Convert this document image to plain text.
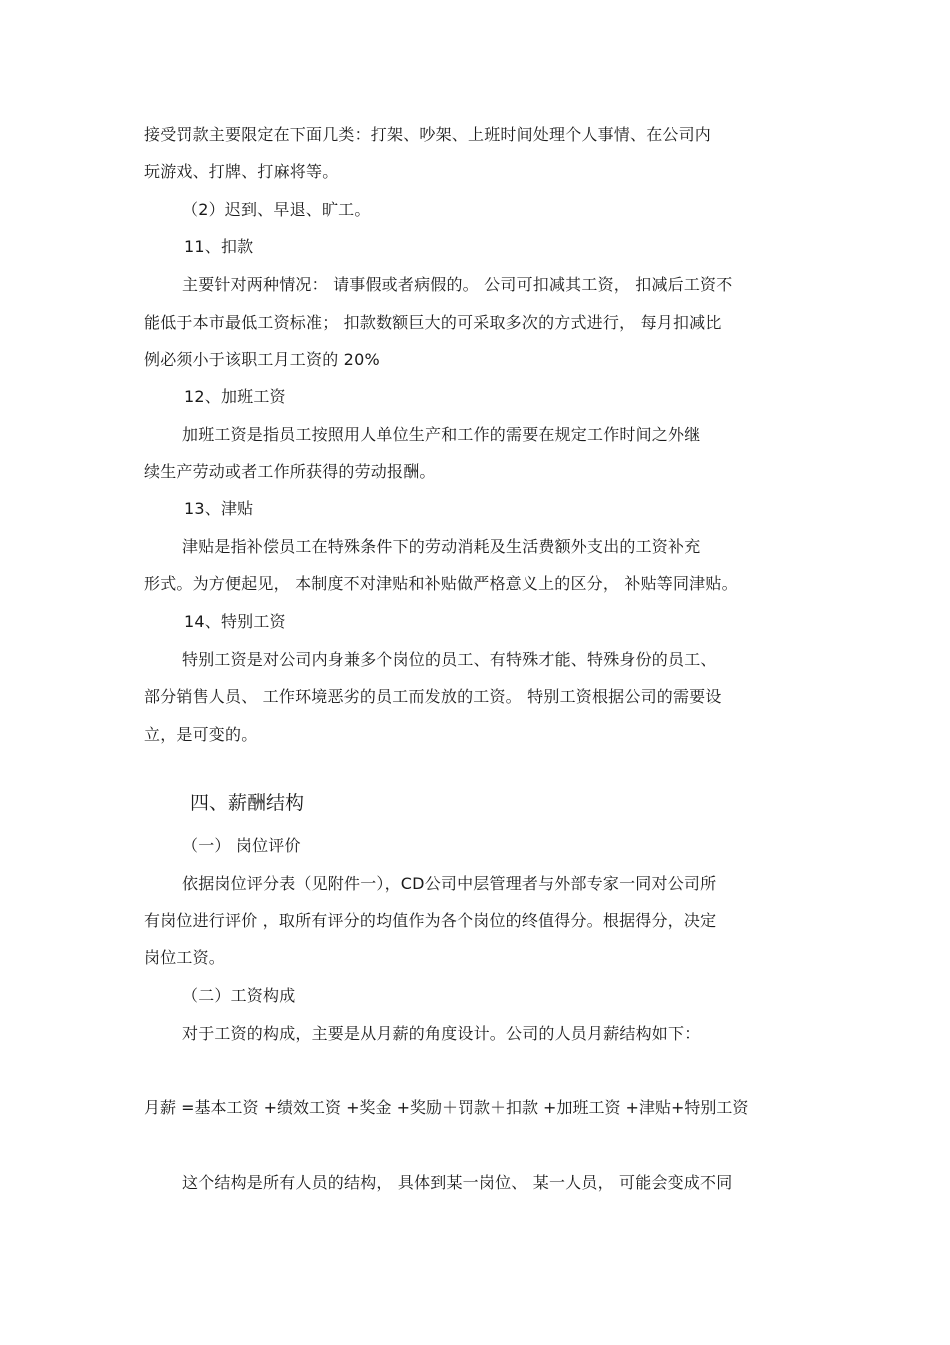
接受罚款主要限定在下面几类：打架、吵架、上班时间处理个人事情、在公司内
玩游戏、打牌、打麻将等。
（2）迟到、早退、旷工。
11、扣款
主要针对两种情况： 请事假或者病假的。 公司可扣减其工资， 扣减后工资不
能低于本市最低工资标准； 扣款数额巨大的可采取多次的方式进行， 每月扣减比
例必须小于该职工月工资的 20%
12、加班工资
加班工资是指员工按照用人单位生产和工作的需要在规定工作时间之外继
续生产劳动或者工作所获得的劳动报酬。
13、津贴
津贴是指补偿员工在特殊条件下的劳动消耗及生活费额外支出的工资补充
形式。为方便起见， 本制度不对津贴和补贴做严格意义上的区分， 补贴等同津贴。
14、特别工资
特别工资是对公司内身兼多个岗位的员工、有特殊才能、特殊身份的员工、
部分销售人员、 工作环境恶劣的员工而发放的工资。 特别工资根据公司的需要设
立，是可变的。
四、薪酬结构
（一） 岗位评价
依据岗位评分表（见附件一），CD公司中层管理者与外部专家一同对公司所
有岗位进行评价 ，取所有评分的均值作为各个岗位的终值得分。根据得分，决定
岗位工资。
（二）工资构成
对于工资的构成，主要是从月薪的角度设计。公司的人员月薪结构如下：
月薪 =基本工资 +绩效工资 +奖金 +奖励＋罚款＋扣款 +加班工资 +津贴+特别工资
这个结构是所有人员的结构， 具体到某一岗位、 某一人员， 可能会变成不同
